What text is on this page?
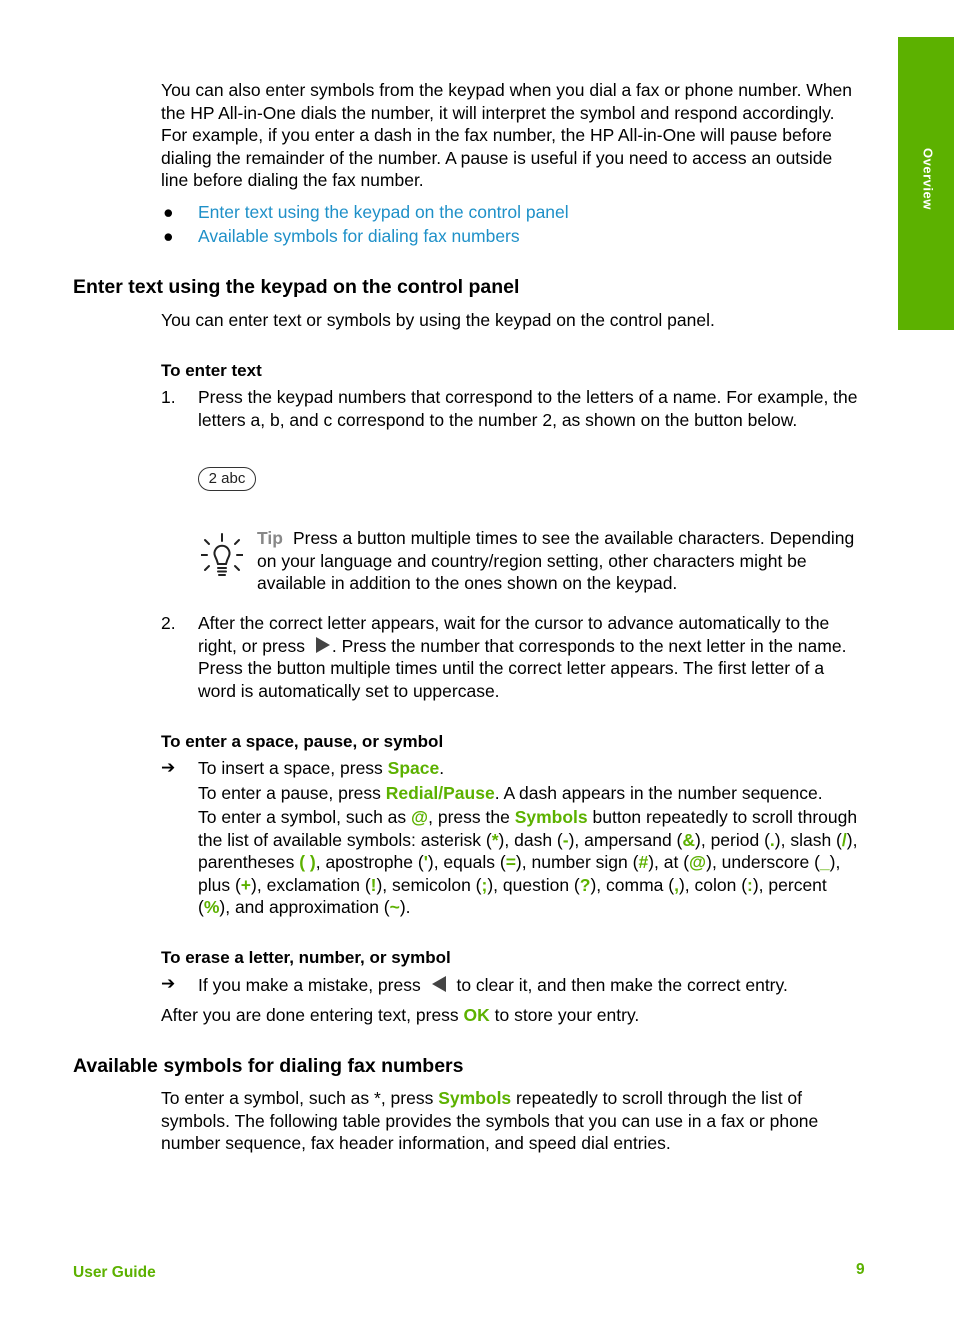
Overview

You can also enter symbols from the keypad when you dial a fax or phone number. When the HP All-in-One dials the number, it will interpret the symbol and respond accordingly. For example, if you enter a dash in the fax number, the HP All-in-One will pause before dialing the remainder of the number. A pause is useful if you need to access an outside line before dialing the fax number.

● Enter text using the keypad on the control panel
● Available symbols for dialing fax numbers
Enter text using the keypad on the control panel

You can enter text or symbols by using the keypad on the control panel.

To enter text
1. Press the keypad numbers that correspond to the letters of a name. For example, the letters a, b, and c correspond to the number 2, as shown on the button below.

2 abc

Tip Press a button multiple times to see the available characters. Depending on your language and country/region setting, other characters might be available in addition to the ones shown on the keypad.

2. After the correct letter appears, wait for the cursor to advance automatically to the right, or press . Press the number that corresponds to the next letter in the name. Press the button multiple times until the correct letter appears. The first letter of a word is automatically set to uppercase.

To enter a space, pause, or symbol
➔ To insert a space, press Space.

To enter a pause, press Redial/Pause. A dash appears in the number sequence.

To enter a symbol, such as @, press the Symbols button repeatedly to scroll through the list of available symbols: asterisk (*), dash (-), ampersand (&), period (.), slash (/), parentheses ( ), apostrophe ('), equals (=), number sign (#), at (@), underscore (_), plus (+), exclamation (!), semicolon (;), question (?), comma (,), colon (:), percent (%), and approximation (~).

To erase a letter, number, or symbol
➔ If you make a mistake, press  to clear it, and then make the correct entry.

After you are done entering text, press OK to store your entry.

Available symbols for dialing fax numbers

To enter a symbol, such as *, press Symbols repeatedly to scroll through the list of symbols. The following table provides the symbols that you can use in a fax or phone number sequence, fax header information, and speed dial entries.

User Guide	9
